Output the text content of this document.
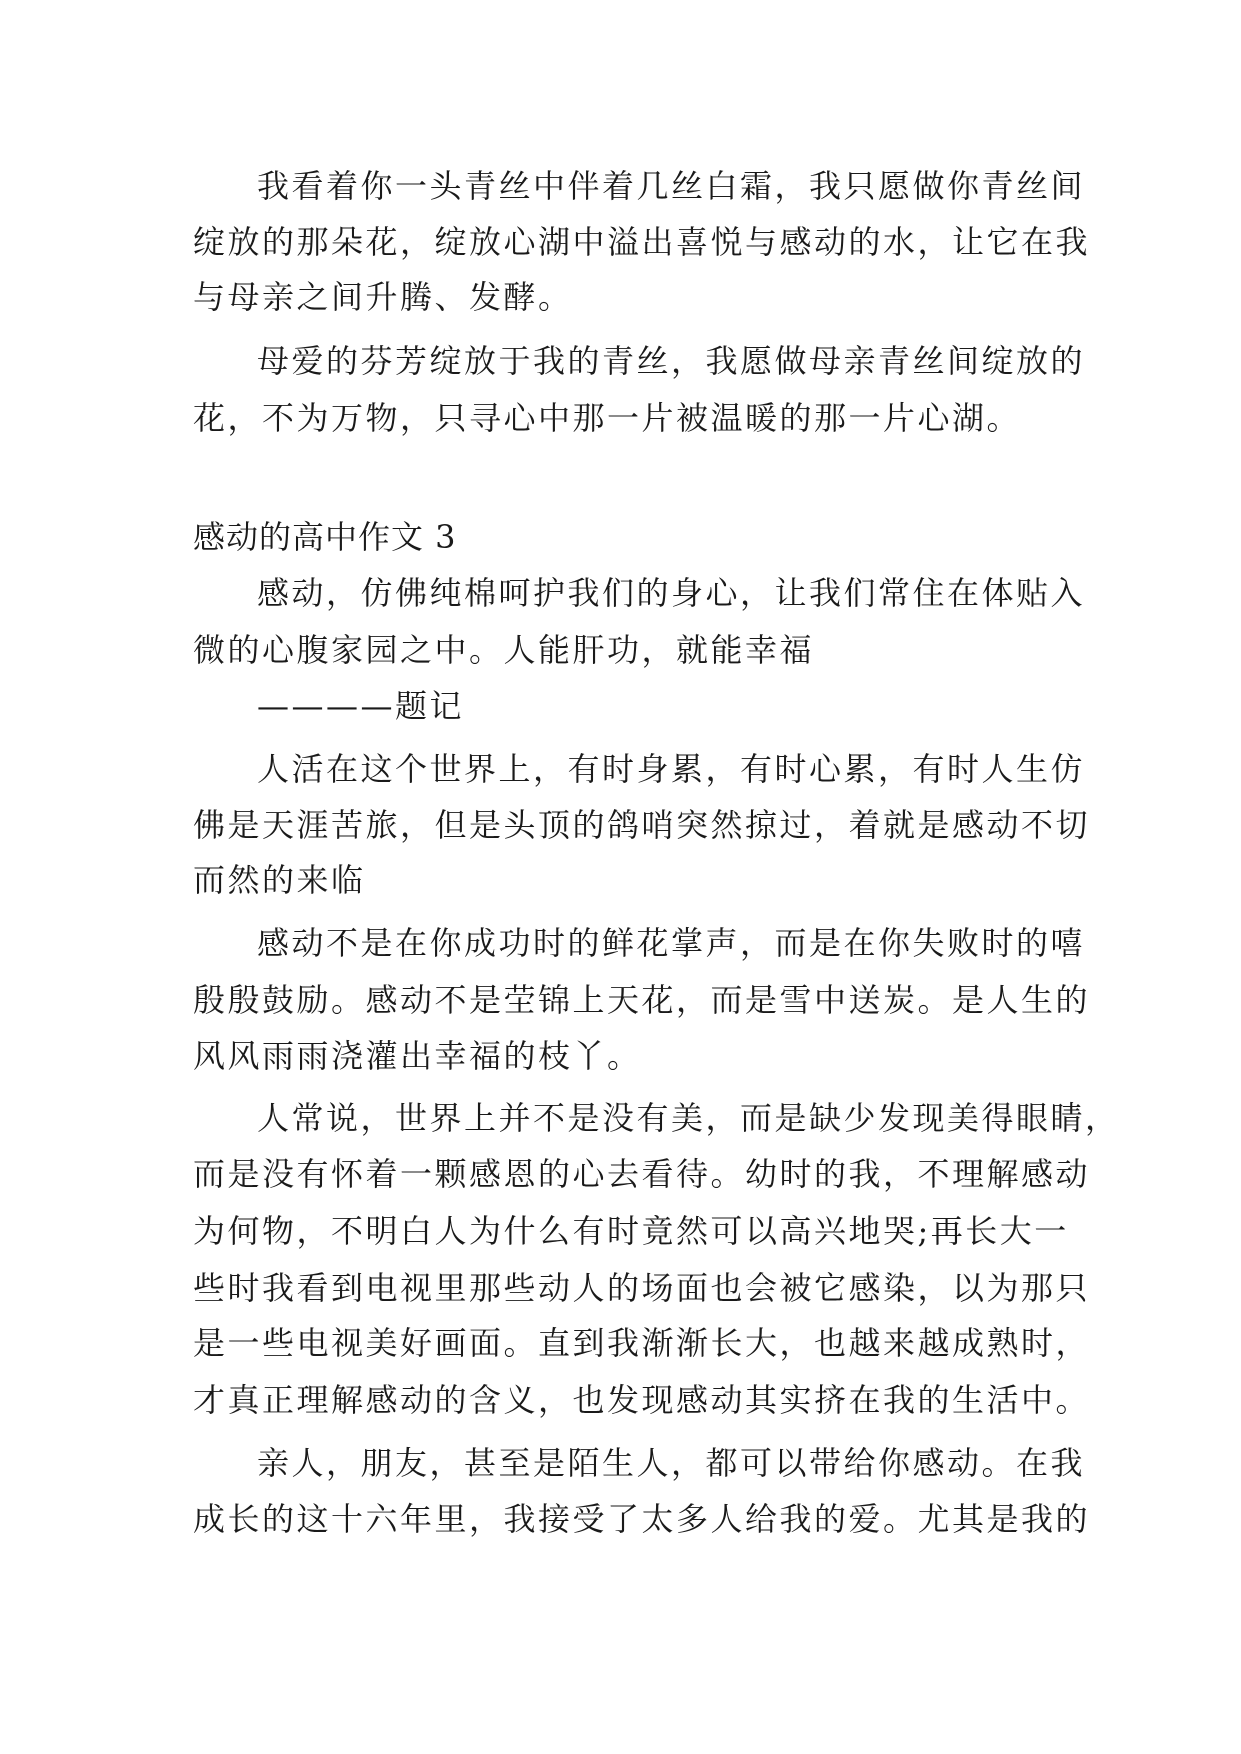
我看着你一头青丝中伴着几丝白霜，我只愿做你青丝间
绽放的那朵花，绽放心湖中溢出喜悦与感动的水，让它在我
与母亲之间升腾、发酵。
母爱的芬芳绽放于我的青丝，我愿做母亲青丝间绽放的
花，不为万物，只寻心中那一片被温暖的那一片心湖。
感动的高中作文 3
感动，仿佛纯棉呵护我们的身心，让我们常住在体贴入
微的心腹家园之中。人能肝功，就能幸福
————题记
人活在这个世界上，有时身累，有时心累，有时人生仿
佛是天涯苦旅，但是头顶的鸽哨突然掠过，着就是感动不切
而然的来临
感动不是在你成功时的鲜花掌声，而是在你失败时的嘻
殷殷鼓励。感动不是茔锦上天花，而是雪中送炭。是人生的
风风雨雨浇灌出幸福的枝丫。
人常说，世界上并不是没有美，而是缺少发现美得眼睛，
而是没有怀着一颗感恩的心去看待。幼时的我，不理解感动
为何物，不明白人为什么有时竟然可以高兴地哭;再长大一
些时我看到电视里那些动人的场面也会被它感染，以为那只
是一些电视美好画面。直到我渐渐长大，也越来越成熟时，
才真正理解感动的含义，也发现感动其实挤在我的生活中。
亲人，朋友，甚至是陌生人，都可以带给你感动。在我
成长的这十六年里，我接受了太多人给我的爱。尤其是我的
